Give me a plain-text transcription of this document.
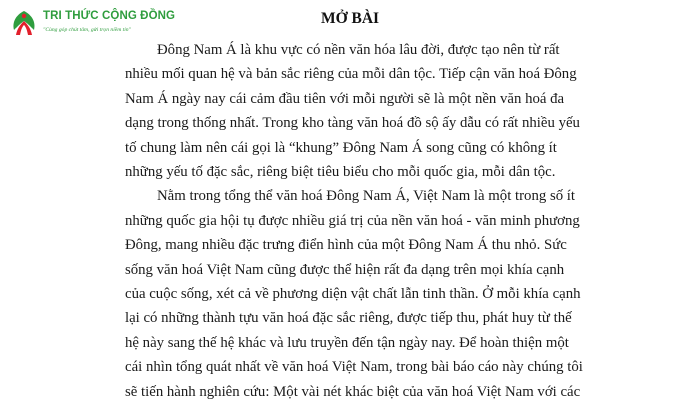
TRI THỨC CỘNG ĐỒNG
"Cùng góp chút tâm, gửi trọn niềm tin"
MỞ BÀI

Đông Nam Á là khu vực có nền văn hóa lâu đời, được tạo nên từ rất
nhiều mối quan hệ và bản sắc riêng của mỗi dân tộc. Tiếp cận văn hoá Đông
Nam Á ngày nay cái cảm đầu tiên với mỗi người sẽ là một nền văn hoá đa
dạng trong thống nhất. Trong kho tàng văn hoá đồ sộ ấy dẫu có rất nhiều yếu
tố chung làm nên cái gọi là “khung” Đông Nam Á song cũng có không ít
những yếu tố đặc sắc, riêng biệt tiêu biểu cho mỗi quốc gia, mỗi dân tộc.

Nằm trong tổng thể văn hoá Đông Nam Á, Việt Nam là một trong số ít
những quốc gia hội tụ được nhiều giá trị của nền văn hoá - văn minh phương
Đông, mang nhiều đặc trưng điển hình của một Đông Nam Á thu nhỏ. Sức
sống văn hoá Việt Nam cũng được thể hiện rất đa dạng trên mọi khía cạnh
của cuộc sống, xét cả về phương diện vật chất lẫn tinh thần. Ở mỗi khía cạnh
lại có những thành tựu văn hoá đặc sắc riêng, được tiếp thu, phát huy từ thế
hệ này sang thế hệ khác và lưu truyền đến tận ngày nay. Để hoàn thiện một
cái nhìn tổng quát nhất về văn hoá Việt Nam, trong bài báo cáo này chúng tôi
sẽ tiến hành nghiên cứu: Một vài nét khác biệt của văn hoá Việt Nam với các
